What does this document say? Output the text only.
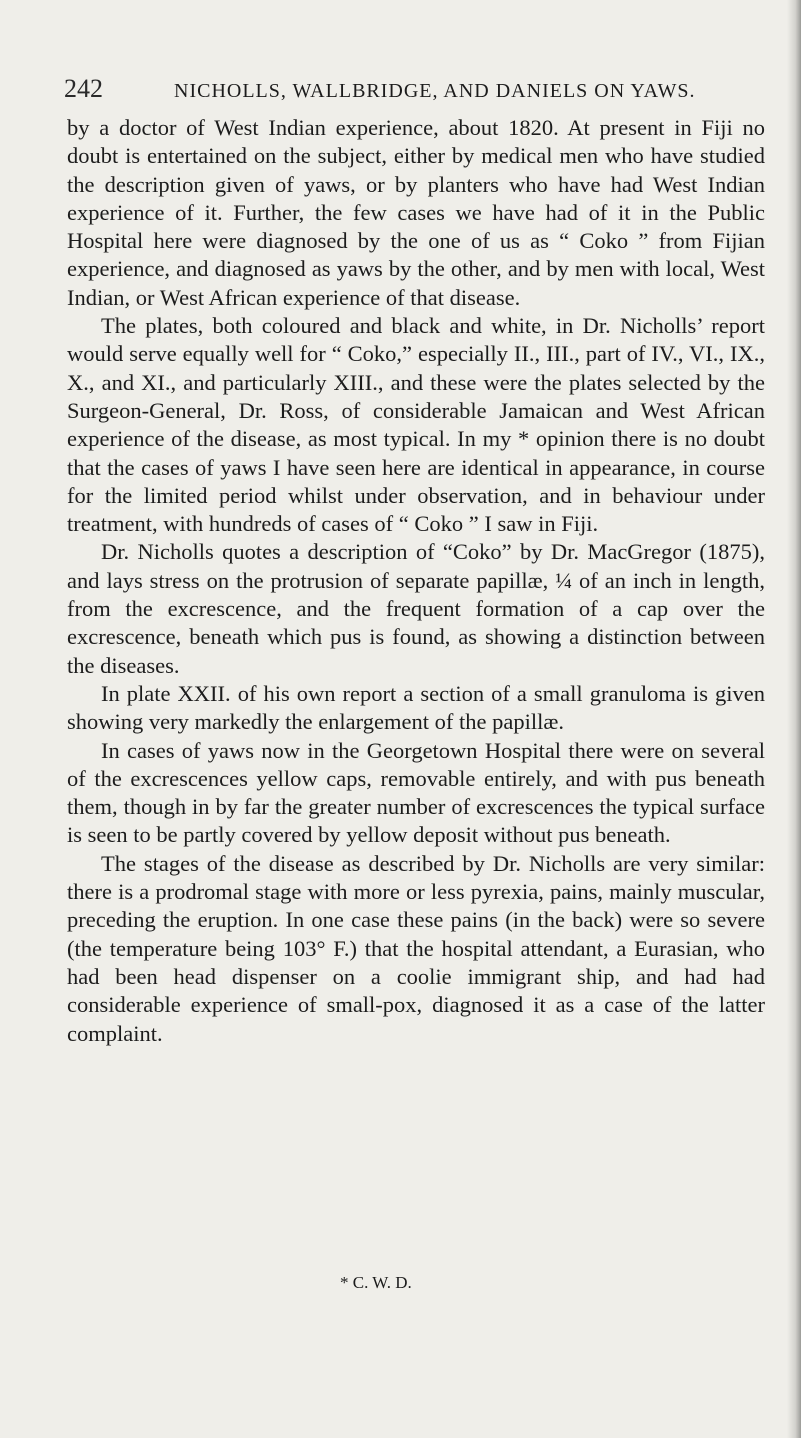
242	NICHOLLS, WALLBRIDGE, AND DANIELS ON YAWS.

by a doctor of West Indian experience, about 1820. At present in Fiji no doubt is entertained on the subject, either by medical men who have studied the description given of yaws, or by planters who have had West Indian experience of it. Further, the few cases we have had of it in the Public Hospital here were diagnosed by the one of us as “ Coko ” from Fijian experience, and diagnosed as yaws by the other, and by men with local, West Indian, or West African experience of that disease.

The plates, both coloured and black and white, in Dr. Nicholls’ report would serve equally well for “ Coko,” especially II., III., part of IV., VI., IX., X., and XI., and particularly XIII., and these were the plates selected by the Surgeon-General, Dr. Ross, of considerable Jamaican and West African experience of the disease, as most typical. In my * opinion there is no doubt that the cases of yaws I have seen here are identical in appearance, in course for the limited period whilst under observation, and in behaviour under treatment, with hundreds of cases of “ Coko ” I saw in Fiji.

Dr. Nicholls quotes a description of “Coko” by Dr. MacGregor (1875), and lays stress on the protrusion of separate papillæ, ¼ of an inch in length, from the excrescence, and the frequent formation of a cap over the excrescence, beneath which pus is found, as showing a distinction between the diseases.

In plate XXII. of his own report a section of a small granuloma is given showing very markedly the enlargement of the papillæ.

In cases of yaws now in the Georgetown Hospital there were on several of the excrescences yellow caps, removable entirely, and with pus beneath them, though in by far the greater number of excrescences the typical surface is seen to be partly covered by yellow deposit without pus beneath.

The stages of the disease as described by Dr. Nicholls are very similar: there is a prodromal stage with more or less pyrexia, pains, mainly muscular, preceding the eruption. In one case these pains (in the back) were so severe (the temperature being 103° F.) that the hospital attendant, a Eurasian, who had been head dispenser on a coolie immigrant ship, and had had considerable experience of small-pox, diagnosed it as a case of the latter complaint.

* C. W. D.
